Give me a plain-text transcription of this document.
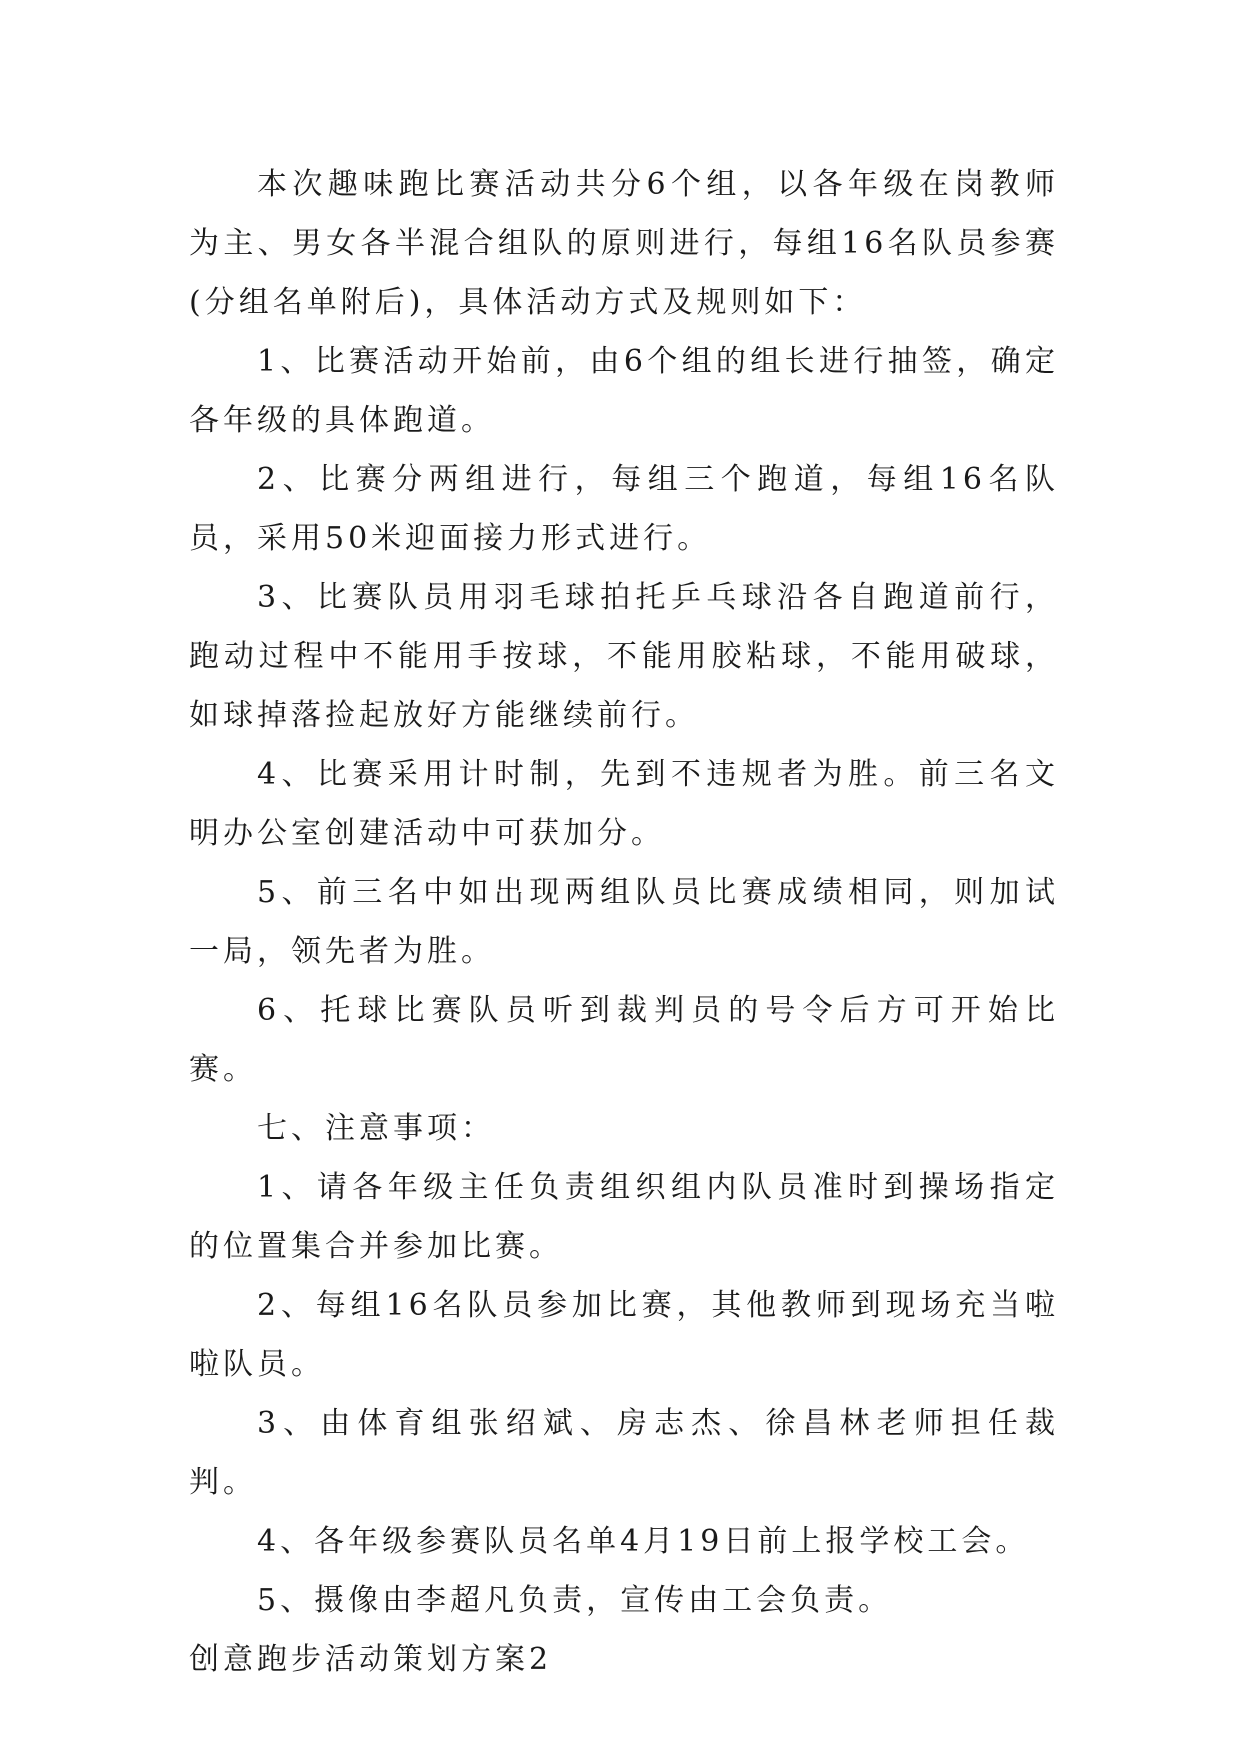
本次趣味跑比赛活动共分6个组，以各年级在岗教师为主、男女各半混合组队的原则进行，每组16名队员参赛(分组名单附后)，具体活动方式及规则如下：

1、比赛活动开始前，由6个组的组长进行抽签，确定各年级的具体跑道。

2、比赛分两组进行，每组三个跑道，每组16名队员，采用50米迎面接力形式进行。

3、比赛队员用羽毛球拍托乒乓球沿各自跑道前行，跑动过程中不能用手按球，不能用胶粘球，不能用破球，如球掉落捡起放好方能继续前行。

4、比赛采用计时制，先到不违规者为胜。前三名文明办公室创建活动中可获加分。

5、前三名中如出现两组队员比赛成绩相同，则加试一局，领先者为胜。

6、托球比赛队员听到裁判员的号令后方可开始比赛。

七、注意事项：

1、请各年级主任负责组织组内队员准时到操场指定的位置集合并参加比赛。

2、每组16名队员参加比赛，其他教师到现场充当啦啦队员。

3、由体育组张绍斌、房志杰、徐昌林老师担任裁判。

4、各年级参赛队员名单4月19日前上报学校工会。

5、摄像由李超凡负责，宣传由工会负责。

创意跑步活动策划方案2
